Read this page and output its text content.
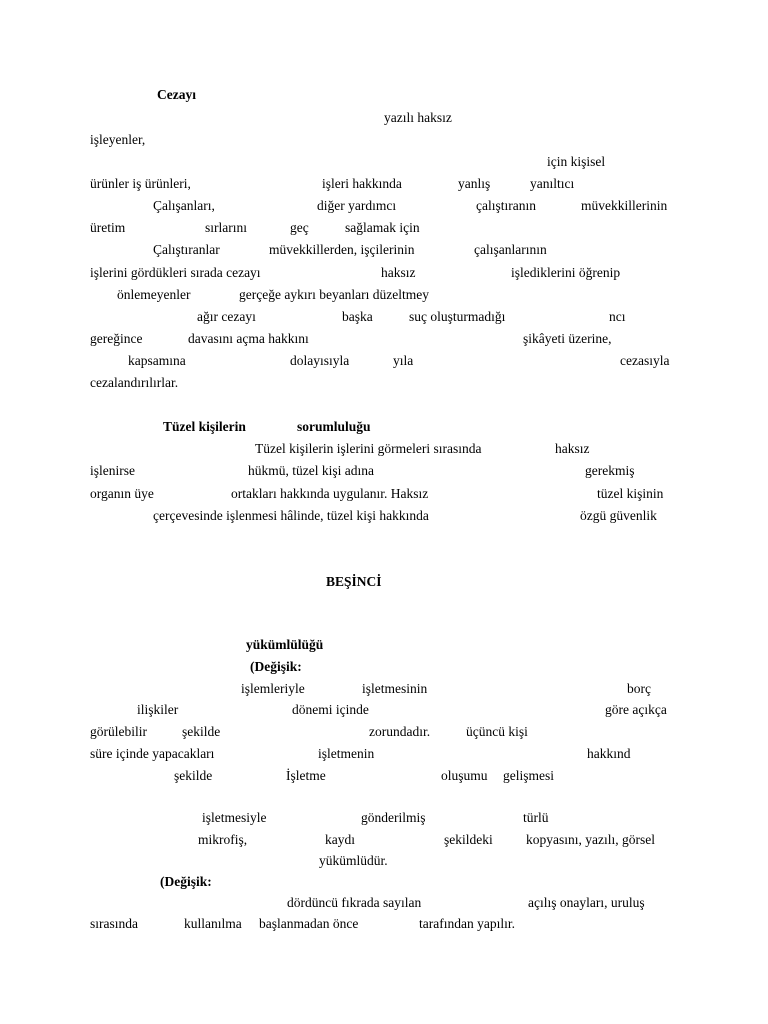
Cezayı
yazılı haksız
işleyenler,
için kişisel
ürünler iş ürünleri,	işleri hakkında	yanlış	yanıltıcı
Çalışanları,	diğer yardımcı	çalıştıranın	müvekkillerinin
üretim	sırlarını	geç	sağlamak için
Çalıştıranlar	müvekkillerden, işçilerinin	çalışanlarının
işlerini gördükleri sırada cezayı	haksız	işlediklerini öğrenip
önlemeyenler	gerçeğe aykırı beyanları düzeltmey
ağır cezayı	başka	suç oluşturmadığı	ncı
gereğince	davasını açma hakkını	şikâyeti üzerine,
kapsamına	dolayısıyla	yıla	cezasıyla
cezalandırılırlar.
Tüzel kişilerin	sorumluluğu
Tüzel kişilerin işlerini görmeleri sırasında	haksız
işlenirse	hükmü, tüzel kişi adına	gerekmiş
organın üye	ortakları hakkında uygulanır. Haksız	tüzel kişinin
çerçevesinde işlenmesi hâlinde, tüzel kişi hakkında	özgü güvenlik
BEŞİNCİ
yükümlülüğü
(Değişik:
işlemleriyle	işletmesinin	borç
ilişkiler	dönemi içinde	göre açıkça
görülebilir	şekilde	zorundadır.	üçüncü kişi
süre içinde yapacakları	işletmenin	hakkınd
şekilde	İşletme	oluşumu gelişmesi
işletmesiyle	gönderilmiş	türlü
mikrofiş,	kaydı	şekildeki kopyasını, yazılı, görsel
yükümlüdür.
(Değişik:
dördüncü fıkrada sayılan	açılış onayları, uruluş
sırasında	kullanılma başlanmadan önce	tarafından yapılır.
